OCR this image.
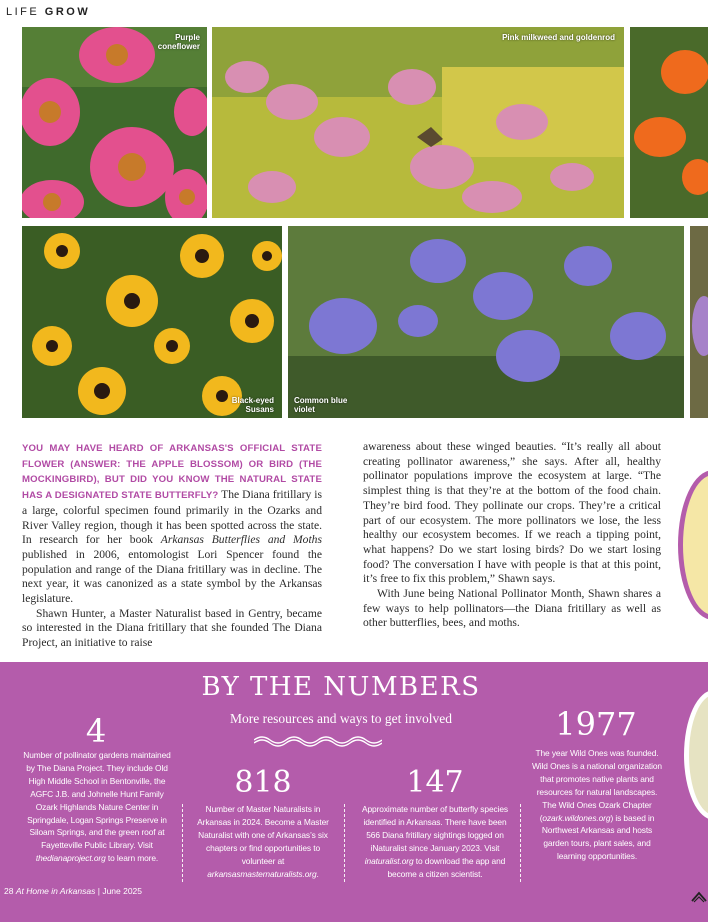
LIFE GROW
Purple
coneflower
Pink milkweed and goldenrod
Black-eyed
Susans
Common blue
violet

YOU MAY HAVE HEARD OF ARKANSAS'S OFFICIAL STATE FLOWER (ANSWER: THE APPLE BLOSSOM) OR BIRD (THE MOCKINGBIRD), BUT DID YOU KNOW THE NATURAL STATE HAS A DESIGNATED STATE BUTTERFLY? The Diana fritillary is a large, colorful specimen found primarily in the Ozarks and River Valley region, though it has been spotted across the state. In research for her book Arkansas Butterflies and Moths published in 2006, entomologist Lori Spencer found the population and range of the Diana fritillary was in decline. The next year, it was canonized as a state symbol by the Arkansas legislature.

Shawn Hunter, a Master Naturalist based in Gentry, became so interested in the Diana fritillary that she founded The Diana Project, an initiative to raise

awareness about these winged beauties. “It’s really all about creating pollinator awareness,” she says. After all, healthy pollinator populations improve the ecosystem at large. “The simplest thing is that they’re at the bottom of the food chain. They’re bird food. They pollinate our crops. They’re a critical part of our ecosystem. The more pollinators we lose, the less healthy our ecosystem becomes. If we reach a tipping point, what happens? Do we start losing birds? Do we start losing food? The conversation I have with people is that at this point, it’s free to fix this problem,” Shawn says.

With June being National Pollinator Month, Shawn shares a few ways to help pollinators—the Diana fritillary as well as other butterflies, bees, and moths.

BY THE NUMBERS
More resources and ways to get involved
4
Number of pollinator gardens maintained by The Diana Project. They include Old High Middle School in Bentonville, the AGFC J.B. and Johnelle Hunt Family Ozark Highlands Nature Center in Springdale, Logan Springs Preserve in Siloam Springs, and the green roof at Fayetteville Public Library. Visit thedianaproject.org to learn more.
818
Number of Master Naturalists in Arkansas in 2024. Become a Master Naturalist with one of Arkansas’s six chapters or find opportunities to volunteer at arkansasmasternaturalists.org.
147
Approximate number of butterfly species identified in Arkansas. There have been 566 Diana fritillary sightings logged on iNaturalist since January 2023. Visit inaturalist.org to download the app and become a citizen scientist.
1977
The year Wild Ones was founded. Wild Ones is a national organization that promotes native plants and resources for natural landscapes. The Wild Ones Ozark Chapter (ozark.wildones.org) is based in Northwest Arkansas and hosts garden tours, plant sales, and learning opportunities.
28 At Home in Arkansas | June 2025
